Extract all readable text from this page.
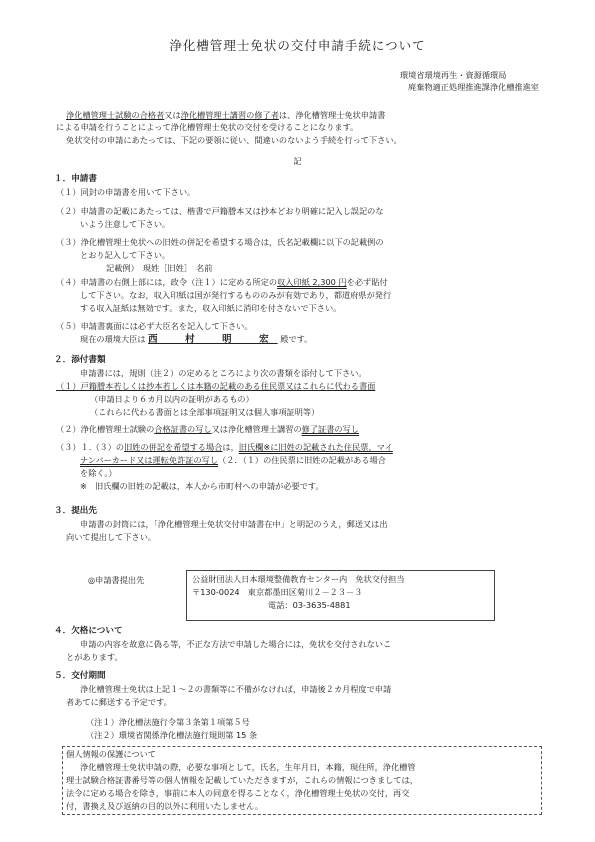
浄化槽管理士免状の交付申請手続について
環境省環境再生・資源循環局
廃棄物適正処理推進課浄化槽推進室
浄化槽管理士試験の合格者又は浄化槽管理士講習の修了者は、浄化槽管理士免状申請書
による申請を行うことによって浄化槽管理士免状の交付を受けることになります。
免状交付の申請にあたっては、下記の要領に従い、間違いのないよう手続を行って下さい。
記
１．申請書
（１）同封の申請書を用いて下さい。
（２）申請書の記載にあたっては、楷書で戸籍謄本又は抄本どおり明確に記入し誤記のな
いよう注意して下さい。
（３）浄化槽管理士免状への旧姓の併記を希望する場合は，氏名記載欄に以下の記載例の
とおり記入して下さい。
記載例）　現姓［旧姓］　名前
（４）申請書の右側上部には，政令（注１）に定める所定の収入印紙 2,300 円を必ず貼付
して下さい。なお，収入印紙は国が発行するもののみが有効であり，都道府県が発行
する収入証紙は無効です。また，収入印紙に消印を付さないで下さい。
（５）申請書裏面には必ず大臣名を記入して下さい。
現在の環境大臣は 西　村　明　宏 殿です。
２．添付書類
申請書には，規則（注２）の定めるところにより次の書類を添付して下さい。
（１）戸籍謄本若しくは抄本若しくは本籍の記載のある住民票又はこれらに代わる書面
（申請日より６カ月以内の証明があるもの）
（これらに代わる書面とは全部事項証明又は個人事項証明等）
（２）浄化槽管理士試験の合格証書の写し又は浄化槽管理士講習の修了証書の写し
（３）１.（３）の旧姓の併記を希望する場合は，旧氏欄※に旧姓の記載された住民票，マイ
ナンバーカード又は運転免許証の写し（２．（１）の住民票に旧姓の記載がある場合
を除く。）
※　旧氏欄の旧姓の記載は，本人から市町村への申請が必要です。
３．提出先
申請書の封筒には，「浄化槽管理士免状交付申請書在中」と明記のうえ，郵送又は出
向いて提出して下さい。
◎申請書提出先	公益財団法人日本環境整備教育センター内　免状交付担当
〒130-0024　東京都墨田区菊川２－２３－３
電話：03-3635-4881
４．欠格について
申請の内容を故意に偽る等，不正な方法で申請した場合には，免状を交付されないこ
とがあります。
５．交付期間
浄化槽管理士免状は上記１～２の書類等に不備がなければ，申請後２カ月程度で申請
者あてに郵送する予定です。
（注１）浄化槽法施行令第３条第１項第５号
（注２）環境省関係浄化槽法施行規則第 15 条
個人情報の保護について
浄化槽管理士免状申請の際，必要な事項として，氏名，生年月日，本籍，現住所，浄化槽管
理士試験合格証書番号等の個人情報を記載していただきますが，これらの情報につきましては，
法令に定める場合を除き，事前に本人の同意を得ることなく，浄化槽管理士免状の交付，再交
付，書換え及び返納の目的以外に利用いたしません。
